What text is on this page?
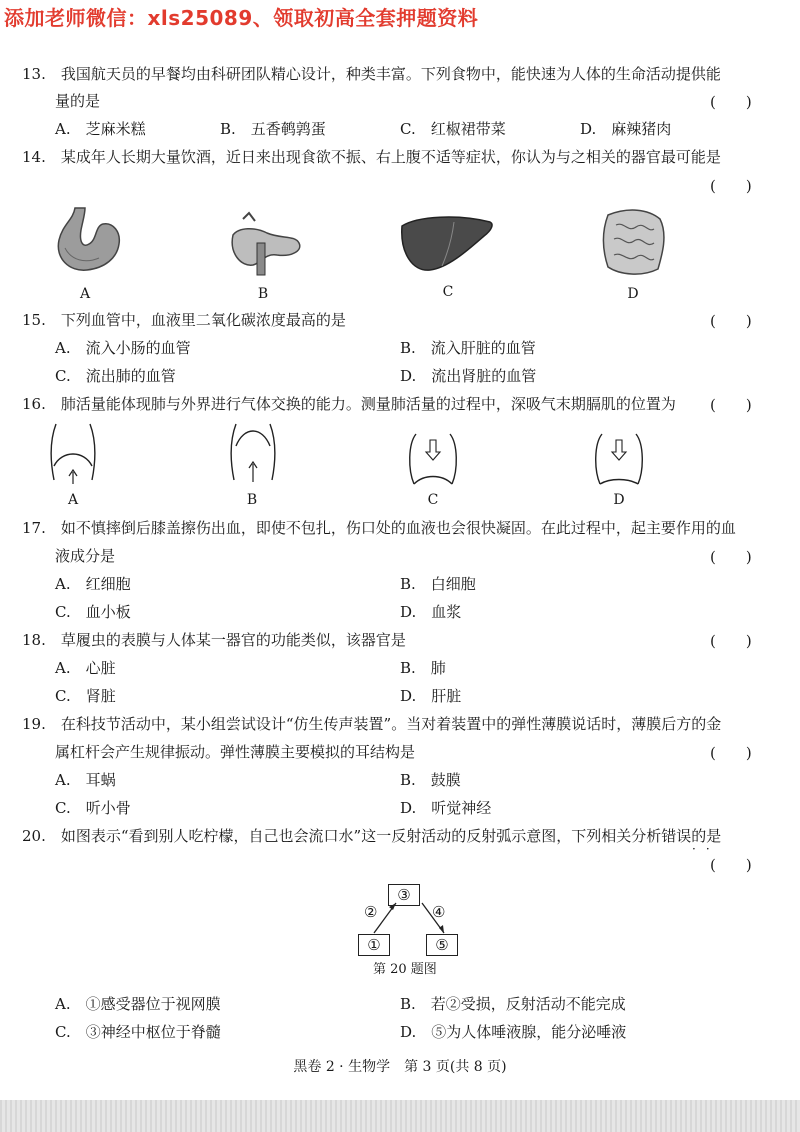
添加老师微信：xls25089、领取初高全套押题资料
13.　我国航天员的早餐均由科研团队精心设计，种类丰富。下列食物中，能快速为人体的生命活动提供能
量的是	(　　)
A.　芝麻米糕	B.　五香鹌鹑蛋	C.　红椒裙带菜	D.　麻辣猪肉
14.　某成年人长期大量饮酒，近日来出现食欲不振、右上腹不适等症状，你认为与之相关的器官最可能是
(　　)
A	B	C	D
15.　下列血管中，血液里二氧化碳浓度最高的是	(　　)
A.　流入小肠的血管	B.　流入肝脏的血管
C.　流出肺的血管	D.　流出肾脏的血管
16.　肺活量能体现肺与外界进行气体交换的能力。测量肺活量的过程中，深吸气末期膈肌的位置为 (　　)
A	B	C	D
17.　如不慎摔倒后膝盖擦伤出血，即使不包扎，伤口处的血液也会很快凝固。在此过程中，起主要作用的血
液成分是	(　　)
A.　红细胞	B.　白细胞
C.　血小板	D.　血浆
18.　草履虫的表膜与人体某一器官的功能类似，该器官是	(　　)
A.　心脏	B.　肺
C.　肾脏	D.　肝脏
19.　在科技节活动中，某小组尝试设计“仿生传声装置”。当对着装置中的弹性薄膜说话时，薄膜后方的金
属杠杆会产生规律振动。弹性薄膜主要模拟的耳结构是	(　　)
A.　耳蜗	B.　鼓膜
C.　听小骨	D.　听觉神经
20.　如图表示“看到别人吃柠檬，自己也会流口水”这一反射活动的反射弧示意图，下列相关分析错误的是
··
(　　)
③
①	⑤
②	④
第 20 题图
A.　①感受器位于视网膜	B.　若②受损，反射活动不能完成
C.　③神经中枢位于脊髓	D.　⑤为人体唾液腺，能分泌唾液
黑卷 2 · 生物学　第 3 页(共 8 页)
